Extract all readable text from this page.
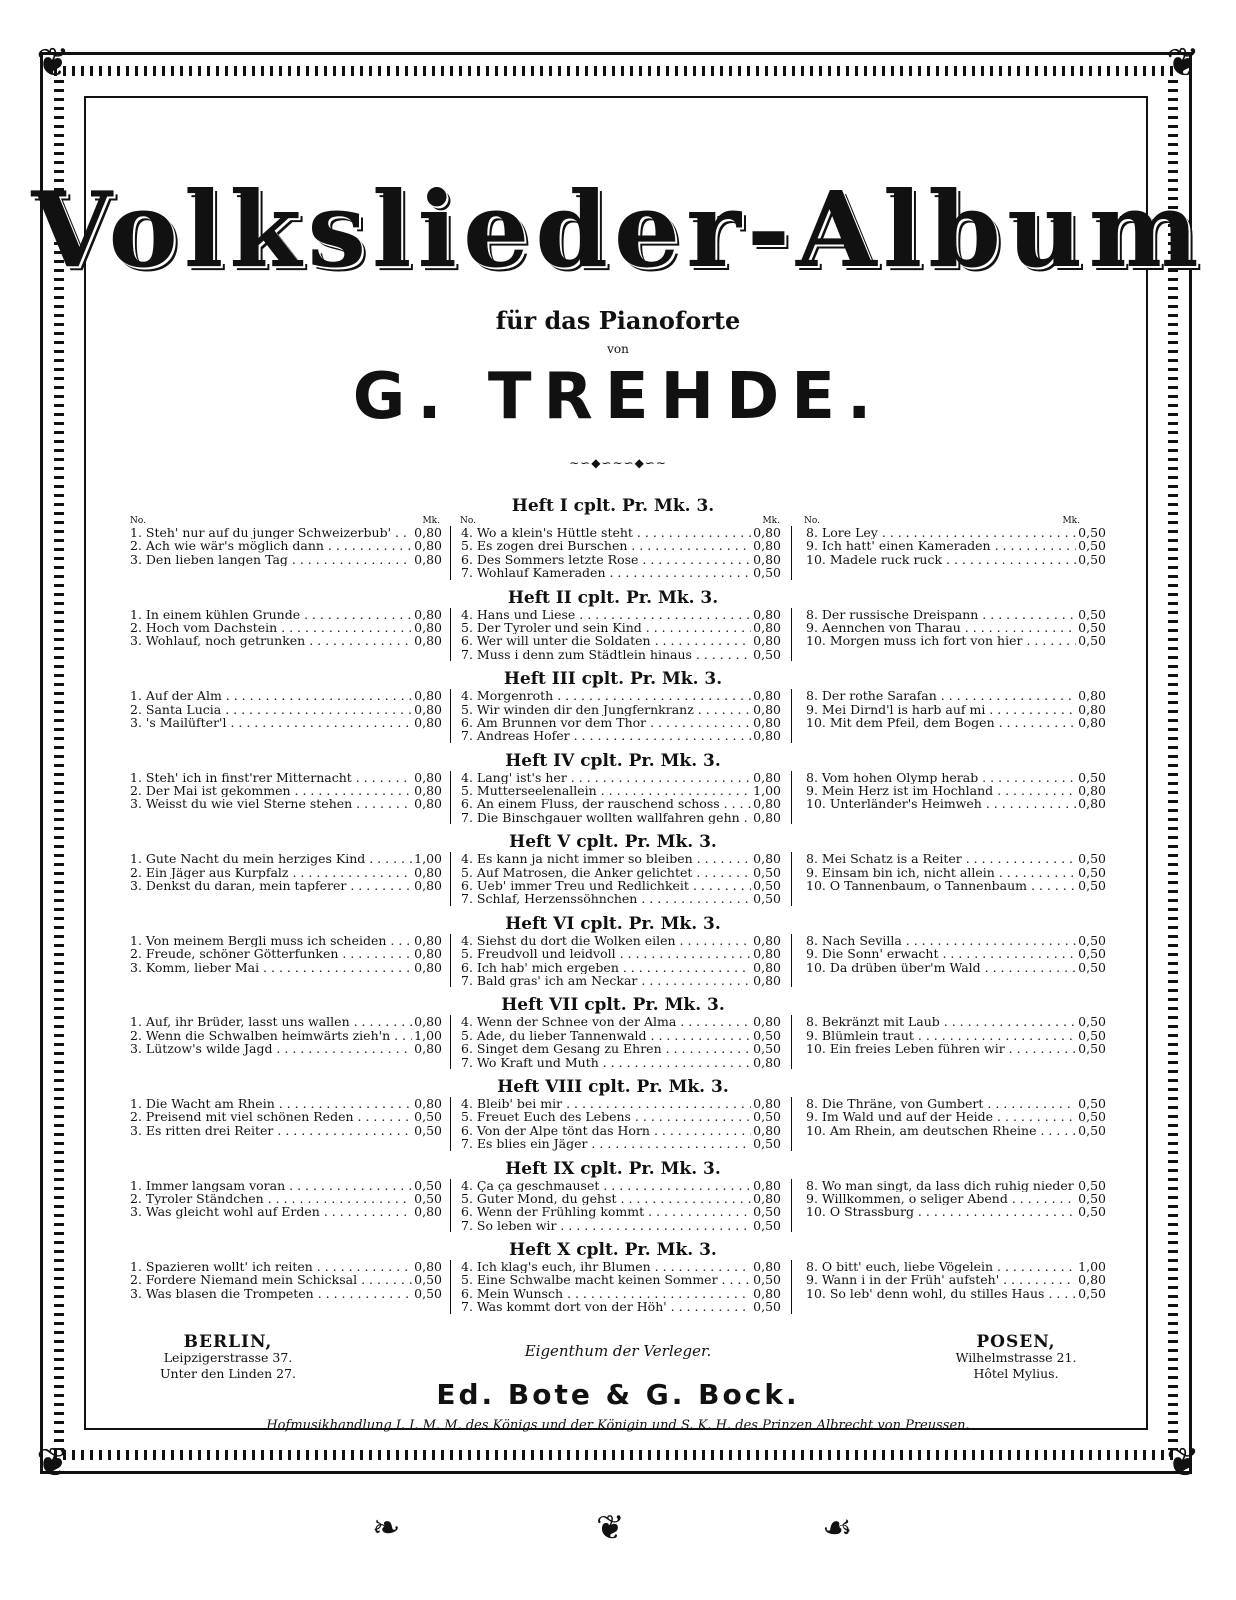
❦	❦
❦	❦
❧	❦	☙
Volkslieder-Album
für das Pianoforte
von
G. TREHDE.
∼∽◆∽∼∽◆∽∼
Heft I cplt. Pr. Mk. 3.
No.	Mk. No.	Mk.	No.	Mk.
1. Steh' nur auf du junger Schweizerbub' . . .	0,80
2. Ach wie wär's möglich dann . . .	0,80
3. Den lieben langen Tag . . .	0,80
4. Wo a klein's Hüttle steht . . .	0,80
5. Es zogen drei Burschen . . .	0,80
6. Des Sommers letzte Rose . . .	0,80
7. Wohlauf Kameraden . . .	0,50
8. Lore Ley . . .	0,50
9. Ich hatt' einen Kameraden . . .	0,50
10. Madele ruck ruck . . .	0,50
Heft II cplt. Pr. Mk. 3.
1. In einem kühlen Grunde . . .	0,80
2. Hoch vom Dachstein . . .	0,80
3. Wohlauf, noch getrunken . . .	0,80
4. Hans und Liese . . .	0,80
5. Der Tyroler und sein Kind . . .	0,80
6. Wer will unter die Soldaten . . .	0,80
7. Muss i denn zum Städtlein hinaus . . .	0,50
8. Der russische Dreispann . . .	0,50
9. Aennchen von Tharau . . .	0,50
10. Morgen muss ich fort von hier . . .	0,50
Heft III cplt. Pr. Mk. 3.
1. Auf der Alm . . .	0,80
2. Santa Lucia . . .	0,80
3. 's Mailüfter'l . . .	0,80
4. Morgenroth . . .	0,80
5. Wir winden dir den Jungfernkranz . . .	0,80
6. Am Brunnen vor dem Thor . . .	0,80
7. Andreas Hofer . . .	0,80
8. Der rothe Sarafan . . .	0,80
9. Mei Dirnd'l is harb auf mi . . .	0,80
10. Mit dem Pfeil, dem Bogen . . .	0,80
Heft IV cplt. Pr. Mk. 3.
1. Steh' ich in finst'rer Mitternacht . . .	0,80
2. Der Mai ist gekommen . . .	0,80
3. Weisst du wie viel Sterne stehen . . .	0,80
4. Lang' ist's her . . .	0,80
5. Mutterseelenallein . . .	1,00
6. An einem Fluss, der rauschend schoss . . .	0,80
7. Die Binschgauer wollten wallfahren gehn . . .	0,80
8. Vom hohen Olymp herab . . .	0,50
9. Mein Herz ist im Hochland . . .	0,80
10. Unterländer's Heimweh . . .	0,80
Heft V cplt. Pr. Mk. 3.
1. Gute Nacht du mein herziges Kind . . .	1,00
2. Ein Jäger aus Kurpfalz . . .	0,80
3. Denkst du daran, mein tapferer . . .	0,80
4. Es kann ja nicht immer so bleiben . . .	0,80
5. Auf Matrosen, die Anker gelichtet . . .	0,50
6. Ueb' immer Treu und Redlichkeit . . .	0,50
7. Schlaf, Herzenssöhnchen . . .	0,50
8. Mei Schatz is a Reiter . . .	0,50
9. Einsam bin ich, nicht allein . . .	0,50
10. O Tannenbaum, o Tannenbaum . . .	0,50
Heft VI cplt. Pr. Mk. 3.
1. Von meinem Bergli muss ich scheiden . . .	0,80
2. Freude, schöner Götterfunken . . .	0,80
3. Komm, lieber Mai . . .	0,80
4. Siehst du dort die Wolken eilen . . .	0,80
5. Freudvoll und leidvoll . . .	0,80
6. Ich hab' mich ergeben . . .	0,80
7. Bald gras' ich am Neckar . . .	0,80
8. Nach Sevilla . . .	0,50
9. Die Sonn' erwacht . . .	0,50
10. Da drüben über'm Wald . . .	0,50
Heft VII cplt. Pr. Mk. 3.
1. Auf, ihr Brüder, lasst uns wallen . . .	0,80
2. Wenn die Schwalben heimwärts zieh'n . . .	1,00
3. Lützow's wilde Jagd . . .	0,80
4. Wenn der Schnee von der Alma . . .	0,80
5. Ade, du lieber Tannenwald . . .	0,50
6. Singet dem Gesang zu Ehren . . .	0,50
7. Wo Kraft und Muth . . .	0,80
8. Bekränzt mit Laub . . .	0,50
9. Blümlein traut . . .	0,50
10. Ein freies Leben führen wir . . .	0,50
Heft VIII cplt. Pr. Mk. 3.
1. Die Wacht am Rhein . . .	0,80
2. Preisend mit viel schönen Reden . . .	0,50
3. Es ritten drei Reiter . . .	0,50
4. Bleib' bei mir . . .	0,80
5. Freuet Euch des Lebens . . .	0,50
6. Von der Alpe tönt das Horn . . .	0,80
7. Es blies ein Jäger . . .	0,50
8. Die Thräne, von Gumbert . . .	0,50
9. Im Wald und auf der Heide . . .	0,50
10. Am Rhein, am deutschen Rheine . . .	0,50
Heft IX cplt. Pr. Mk. 3.
1. Immer langsam voran . . .	0,50
2. Tyroler Ständchen . . .	0,50
3. Was gleicht wohl auf Erden . . .	0,80
4. Ça ça geschmauset . . .	0,80
5. Guter Mond, du gehst . . .	0,80
6. Wenn der Frühling kommt . . .	0,50
7. So leben wir . . .	0,50
8. Wo man singt, da lass dich ruhig nieder . . . 0,50
9. Willkommen, o seliger Abend . . .	0,50
10. O Strassburg . . .	0,50
Heft X cplt. Pr. Mk. 3.
1. Spazieren wollt' ich reiten . . .	0,80
2. Fordere Niemand mein Schicksal . . .	0,50
3. Was blasen die Trompeten . . .	0,50
4. Ich klag's euch, ihr Blumen . . .	0,80
5. Eine Schwalbe macht keinen Sommer . . .	0,50
6. Mein Wunsch . . .	0,80
7. Was kommt dort von der Höh' . . .	0,50
8. O bitt' euch, liebe Vögelein . . .	1,00
9. Wann i in der Früh' aufsteh' . . .	0,80
10. So leb' denn wohl, du stilles Haus . . .	0,50
BERLIN,
Leipzigerstrasse 37.
Unter den Linden 27.
Eigenthum der Verleger.	POSEN,
Wilhelmstrasse 21.
Hôtel Mylius.
Ed. Bote & G. Bock.
Hofmusikhandlung I. I. M. M. des Königs und der Königin und S. K. H. des Prinzen Albrecht von Preussen.
